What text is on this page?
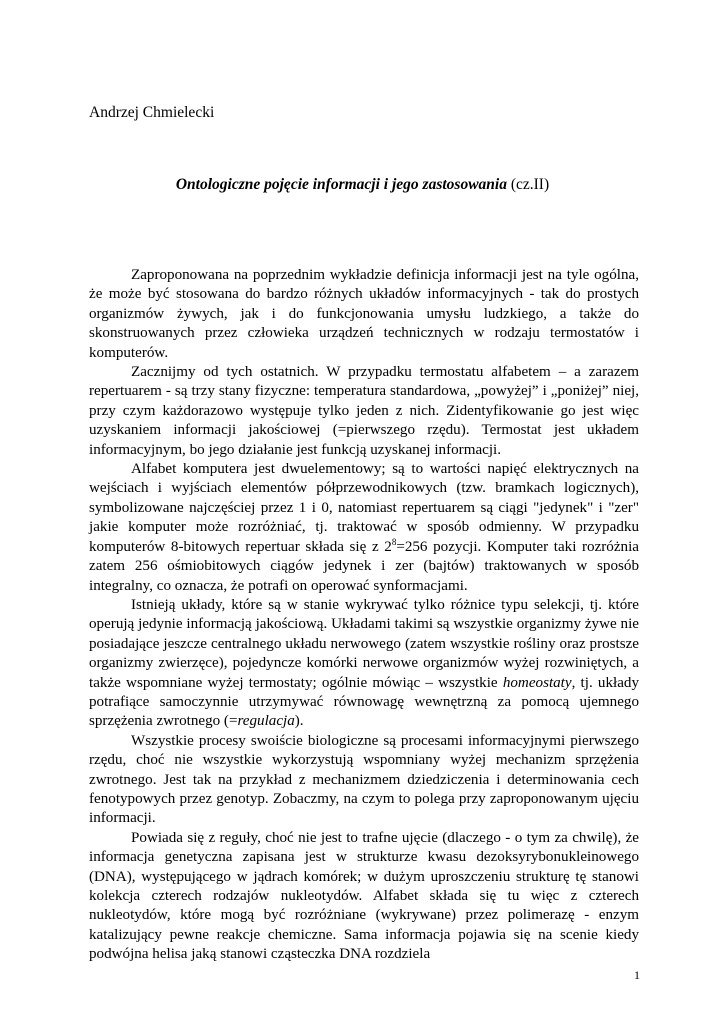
Andrzej Chmielecki

Ontologiczne pojęcie informacji i jego zastosowania (cz.II)

Zaproponowana na poprzednim wykładzie definicja informacji jest na tyle ogólna, że może być stosowana do bardzo różnych układów informacyjnych - tak do prostych organizmów żywych, jak i do funkcjonowania umysłu ludzkiego, a także do skonstruowanych przez człowieka urządzeń technicznych w rodzaju termostatów i komputerów.

Zacznijmy od tych ostatnich. W przypadku termostatu alfabetem – a zarazem repertuarem - są trzy stany fizyczne: temperatura standardowa, „powyżej” i „poniżej” niej, przy czym każdorazowo występuje tylko jeden z nich. Zidentyfikowanie go jest więc uzyskaniem informacji jakościowej (=pierwszego rzędu). Termostat jest układem informacyjnym, bo jego działanie jest funkcją uzyskanej informacji.

Alfabet komputera jest dwuelementowy; są to wartości napięć elektrycznych na wejściach i wyjściach elementów półprzewodnikowych (tzw. bramkach logicznych), symbolizowane najczęściej przez 1 i 0, natomiast repertuarem są ciągi "jedynek" i "zer" jakie komputer może rozróżniać, tj. traktować w sposób odmienny. W przypadku komputerów 8-bitowych repertuar składa się z $2^8=256$ pozycji. Komputer taki rozróżnia zatem 256 ośmiobitowych ciągów jedynek i zer (bajtów) traktowanych w sposób integralny, co oznacza, że potrafi on operować synformacjami.

Istnieją układy, które są w stanie wykrywać tylko różnice typu selekcji, tj. które operują jedynie informacją jakościową. Układami takimi są wszystkie organizmy żywe nie posiadające jeszcze centralnego układu nerwowego (zatem wszystkie rośliny oraz prostsze organizmy zwierzęce), pojedyncze komórki nerwowe organizmów wyżej rozwiniętych, a także wspomniane wyżej termostaty; ogólnie mówiąc – wszystkie homeostaty, tj. układy potrafiące samoczynnie utrzymywać równowagę wewnętrzną za pomocą ujemnego sprzężenia zwrotnego (=regulacja).

Wszystkie procesy swoiście biologiczne są procesami informacyjnymi pierwszego rzędu, choć nie wszystkie wykorzystują wspomniany wyżej mechanizm sprzężenia zwrotnego. Jest tak na przykład z mechanizmem dziedziczenia i determinowania cech fenotypowych przez genotyp. Zobaczmy, na czym to polega przy zaproponowanym ujęciu informacji.

Powiada się z reguły, choć nie jest to trafne ujęcie (dlaczego - o tym za chwilę), że informacja genetyczna zapisana jest w strukturze kwasu dezoksyrybonukleinowego (DNA), występującego w jądrach komórek; w dużym uproszczeniu strukturę tę stanowi kolekcja czterech rodzajów nukleotydów. Alfabet składa się tu więc z czterech nukleotydów, które mogą być rozróżniane (wykrywane) przez polimerazę - enzym katalizujący pewne reakcje chemiczne. Sama informacja pojawia się na scenie kiedy podwójna helisa jaką stanowi cząsteczka DNA rozdziela

1
